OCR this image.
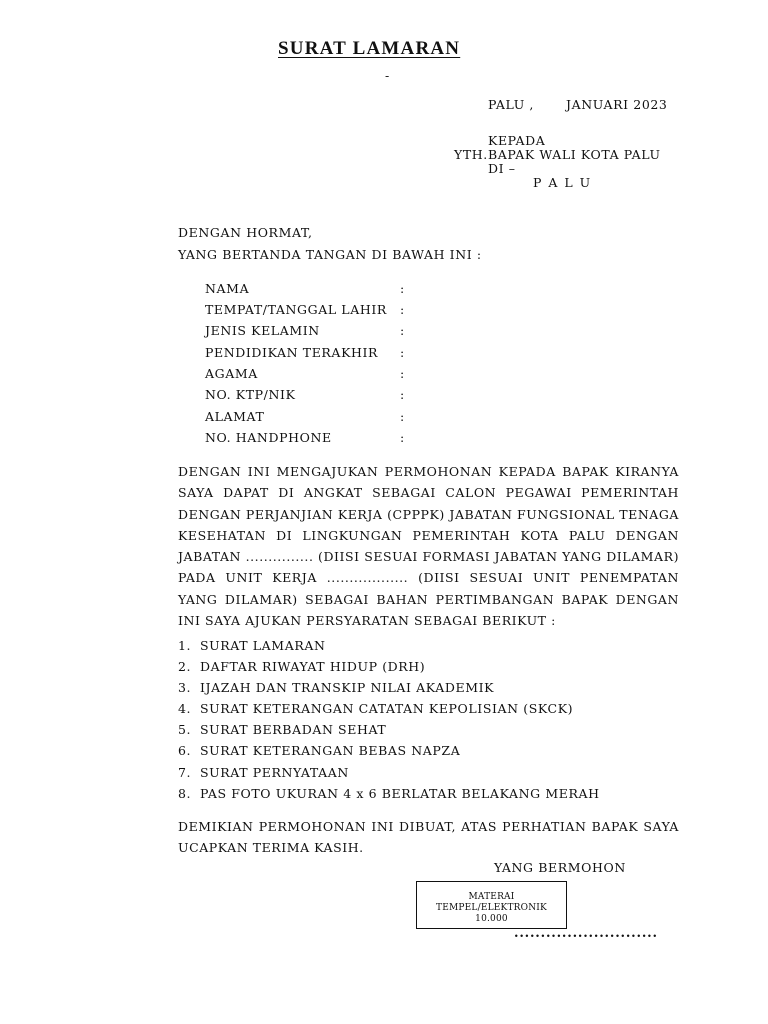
SURAT LAMARAN
-
PALU ,	JANUARI 2023
KEPADA
YTH. BAPAK WALI KOTA PALU
DI –
P A L U
DENGAN HORMAT,
YANG BERTANDA TANGAN DI BAWAH INI :
NAMA	:
TEMPAT/TANGGAL LAHIR :
JENIS KELAMIN	:
PENDIDIKAN TERAKHIR :
AGAMA	:
NO. KTP/NIK	:
ALAMAT	:
NO. HANDPHONE	:
DENGAN INI MENGAJUKAN PERMOHONAN KEPADA BAPAK KIRANYA SAYA DAPAT DI ANGKAT SEBAGAI CALON PEGAWAI PEMERINTAH DENGAN PERJANJIAN KERJA (CPPPK) JABATAN FUNGSIONAL TENAGA KESEHATAN DI LINGKUNGAN PEMERINTAH KOTA PALU DENGAN JABATAN ............... (DIISI SESUAI FORMASI JABATAN YANG DILAMAR) PADA UNIT KERJA .................. (DIISI SESUAI UNIT PENEMPATAN YANG DILAMAR) SEBAGAI BAHAN PERTIMBANGAN BAPAK DENGAN INI SAYA AJUKAN PERSYARATAN SEBAGAI BERIKUT :
1. SURAT LAMARAN
2. DAFTAR RIWAYAT HIDUP (DRH)
3. IJAZAH DAN TRANSKIP NILAI AKADEMIK
4. SURAT KETERANGAN CATATAN KEPOLISIAN (SKCK)
5. SURAT BERBADAN SEHAT
6. SURAT KETERANGAN BEBAS NAPZA
7. SURAT PERNYATAAN
8. PAS FOTO UKURAN 4 x 6 BERLATAR BELAKANG MERAH
DEMIKIAN PERMOHONAN INI DIBUAT, ATAS PERHATIAN BAPAK SAYA UCAPKAN TERIMA KASIH.
YANG BERMOHON
MATERAI
TEMPEL/ELEKTRONIK
10.000
...........................
